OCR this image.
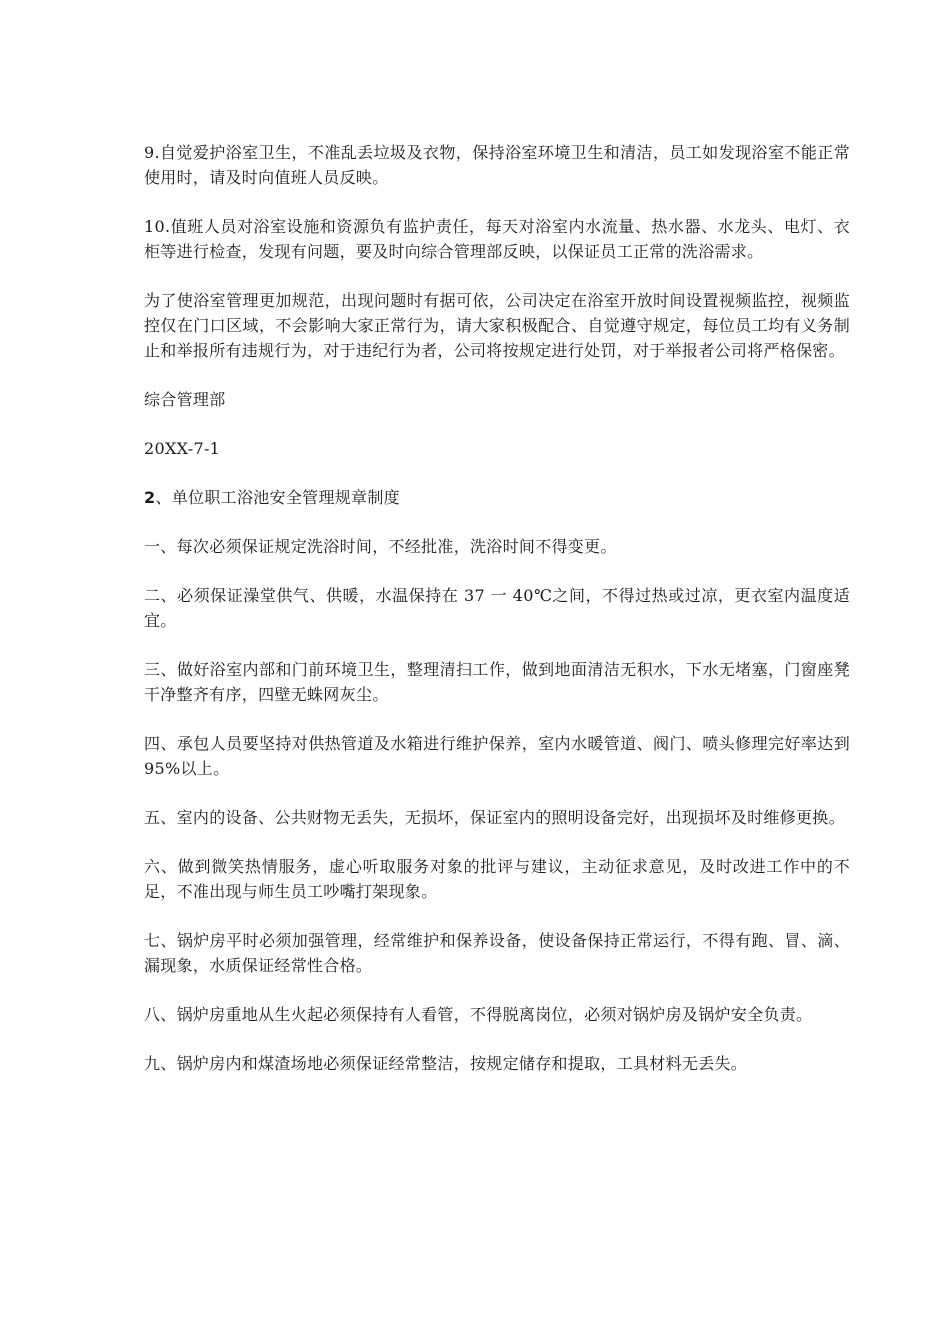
9.自觉爱护浴室卫生，不准乱丢垃圾及衣物，保持浴室环境卫生和清洁，员工如发现浴室不能正常使用时，请及时向值班人员反映。

10.值班人员对浴室设施和资源负有监护责任，每天对浴室内水流量、热水器、水龙头、电灯、衣柜等进行检查，发现有问题，要及时向综合管理部反映，以保证员工正常的洗浴需求。

为了使浴室管理更加规范，出现问题时有据可依，公司决定在浴室开放时间设置视频监控，视频监控仅在门口区域，不会影响大家正常行为，请大家积极配合、自觉遵守规定，每位员工均有义务制止和举报所有违规行为，对于违纪行为者，公司将按规定进行处罚，对于举报者公司将严格保密。

综合管理部

20XX-7-1

2、单位职工浴池安全管理规章制度

一、每次必须保证规定洗浴时间，不经批准，洗浴时间不得变更。

二、必须保证澡堂供气、供暖，水温保持在 37 一 40℃之间，不得过热或过凉，更衣室内温度适宜。

三、做好浴室内部和门前环境卫生，整理清扫工作，做到地面清洁无积水，下水无堵塞，门窗座凳干净整齐有序，四壁无蛛网灰尘。

四、承包人员要坚持对供热管道及水箱进行维护保养，室内水暖管道、阀门、喷头修理完好率达到 95%以上。

五、室内的设备、公共财物无丢失，无损坏，保证室内的照明设备完好，出现损坏及时维修更换。

六、做到微笑热情服务，虚心听取服务对象的批评与建议，主动征求意见，及时改进工作中的不足，不准出现与师生员工吵嘴打架现象。

七、锅炉房平时必须加强管理，经常维护和保养设备，使设备保持正常运行，不得有跑、冒、滴、漏现象，水质保证经常性合格。

八、锅炉房重地从生火起必须保持有人看管，不得脱离岗位，必须对锅炉房及锅炉安全负责。

九、锅炉房内和煤渣场地必须保证经常整洁，按规定储存和提取，工具材料无丢失。
